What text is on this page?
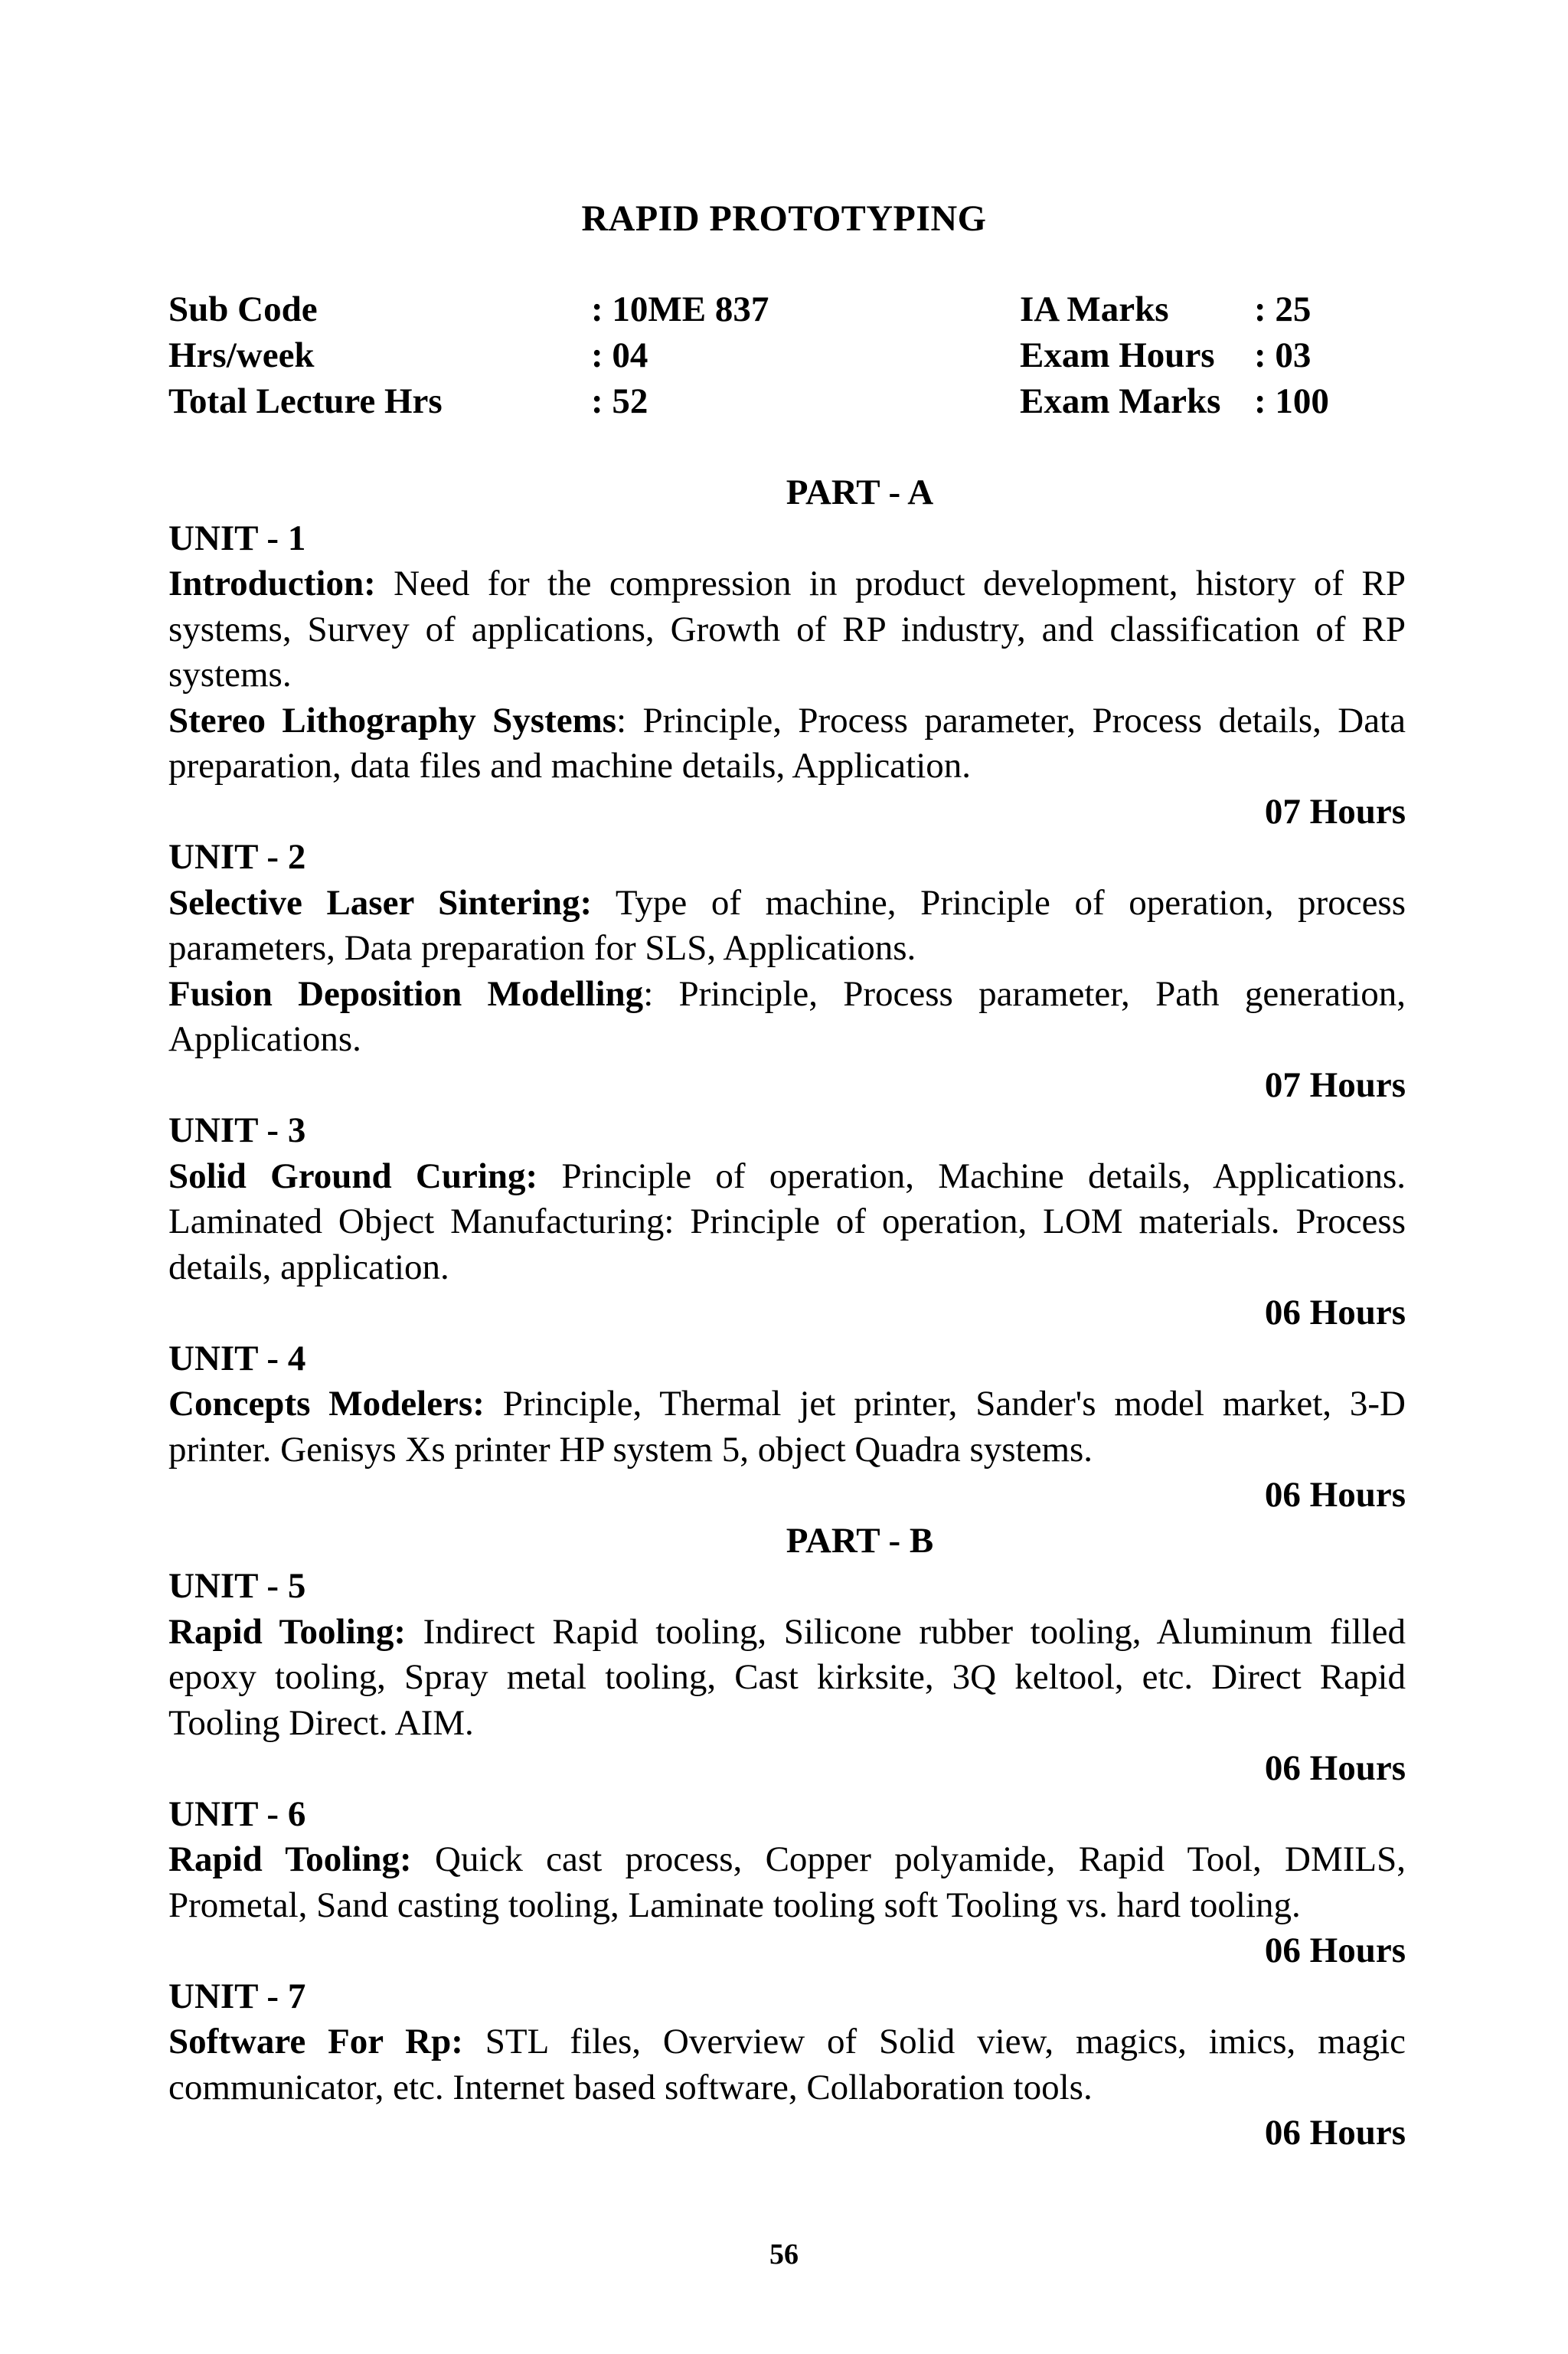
RAPID PROTOTYPING
Sub Code	: 10ME 837	IA Marks : 25
Hrs/week	: 04	Exam Hours : 03
Total Lecture Hrs	: 52	Exam Marks : 100
PART - A
UNIT - 1
Introduction: Need for the compression in product development, history of RP systems, Survey of applications, Growth of RP industry, and classification of RP systems.
Stereo Lithography Systems: Principle, Process parameter, Process details, Data preparation, data files and machine details, Application.
07 Hours
UNIT - 2
Selective Laser Sintering: Type of machine, Principle of operation, process parameters, Data preparation for SLS, Applications.
Fusion Deposition Modelling: Principle, Process parameter, Path generation, Applications.
07 Hours
UNIT - 3
Solid Ground Curing: Principle of operation, Machine details, Applications. Laminated Object Manufacturing: Principle of operation, LOM materials. Process details, application.
06 Hours
UNIT - 4
Concepts Modelers: Principle, Thermal jet printer, Sander's model market, 3-D printer. Genisys Xs printer HP system 5, object Quadra systems.
06 Hours
PART - B
UNIT - 5
Rapid Tooling: Indirect Rapid tooling, Silicone rubber tooling, Aluminum filled epoxy tooling, Spray metal tooling, Cast kirksite, 3Q keltool, etc. Direct Rapid Tooling Direct. AIM.
06 Hours
UNIT - 6
Rapid Tooling: Quick cast process, Copper polyamide, Rapid Tool, DMILS, Prometal, Sand casting tooling, Laminate tooling soft Tooling vs. hard tooling.
06 Hours
UNIT - 7
Software For Rp: STL files, Overview of Solid view, magics, imics, magic communicator, etc. Internet based software, Collaboration tools.
06 Hours
56
